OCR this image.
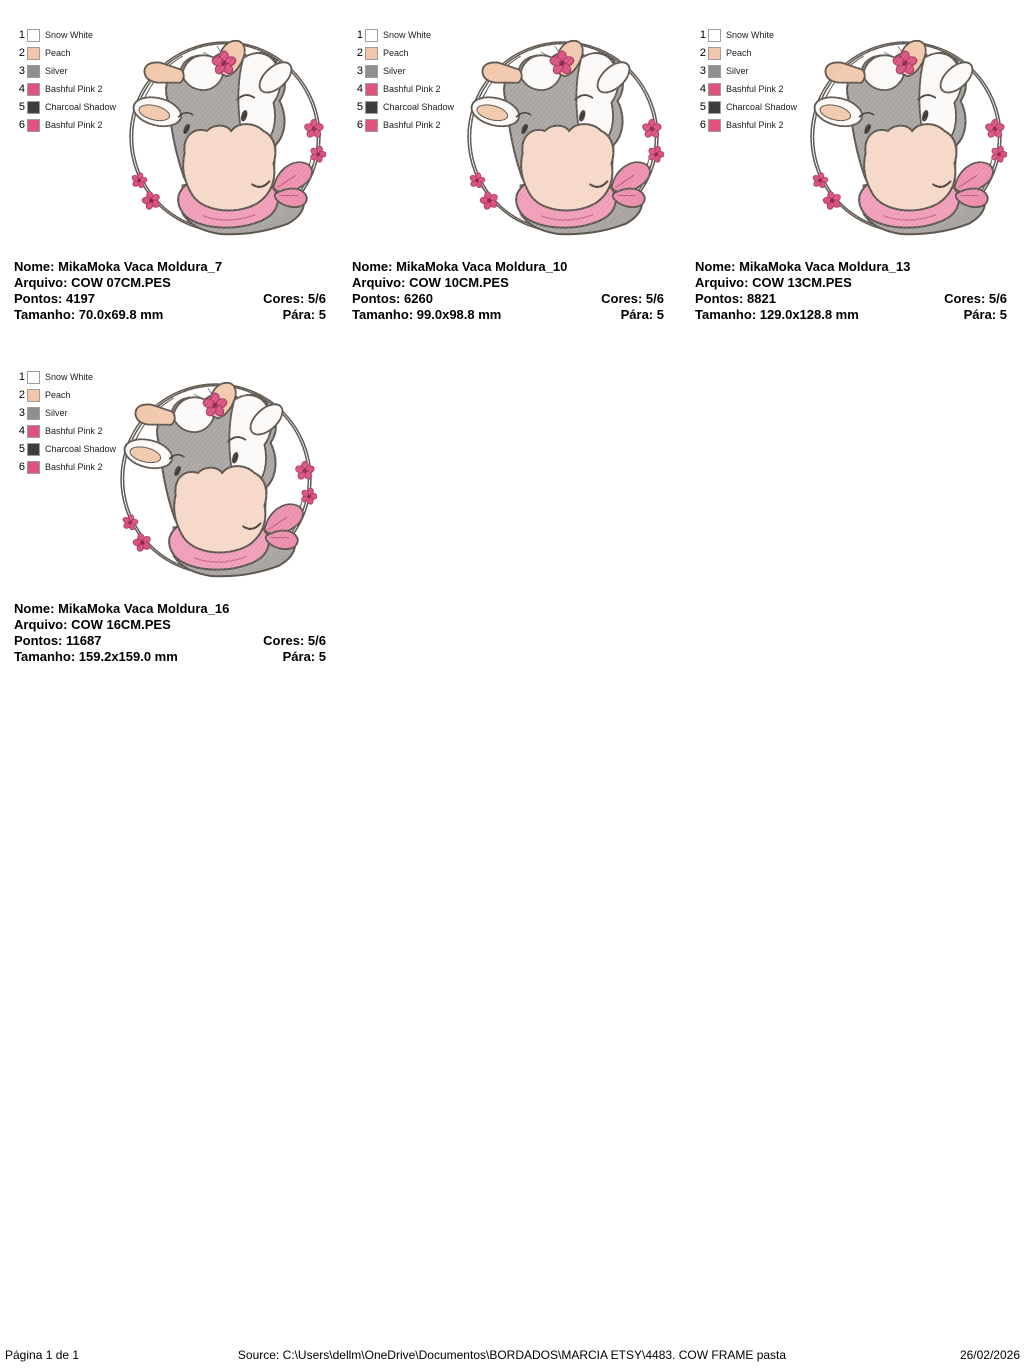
1 Snow White
2 Peach
3 Silver
4 Bashful Pink 2
5 Charcoal Shadow
6 Bashful Pink 2
Nome: MikaMoka Vaca Moldura_7
Arquivo: COW 07CM.PES
Pontos: 4197	Cores: 5/6
Tamanho: 70.0x69.8 mm	Pára: 5
1 Snow White
2 Peach
3 Silver
4 Bashful Pink 2
5 Charcoal Shadow
6 Bashful Pink 2
Nome: MikaMoka Vaca Moldura_10
Arquivo: COW 10CM.PES
Pontos: 6260	Cores: 5/6
Tamanho: 99.0x98.8 mm	Pára: 5
1 Snow White
2 Peach
3 Silver
4 Bashful Pink 2
5 Charcoal Shadow
6 Bashful Pink 2
Nome: MikaMoka Vaca Moldura_13
Arquivo: COW 13CM.PES
Pontos: 8821	Cores: 5/6
Tamanho: 129.0x128.8 mm	Pára: 5
1 Snow White
2 Peach
3 Silver
4 Bashful Pink 2
5 Charcoal Shadow
6 Bashful Pink 2
Nome: MikaMoka Vaca Moldura_16
Arquivo: COW 16CM.PES
Pontos: 11687	Cores: 5/6
Tamanho: 159.2x159.0 mm	Pára: 5
Source: C:\Users\dellm\OneDrive\Documentos\BORDADOS\MARCIA ETSY\4483. COW FRAME pasta
Página 1 de 1	26/02/2026
